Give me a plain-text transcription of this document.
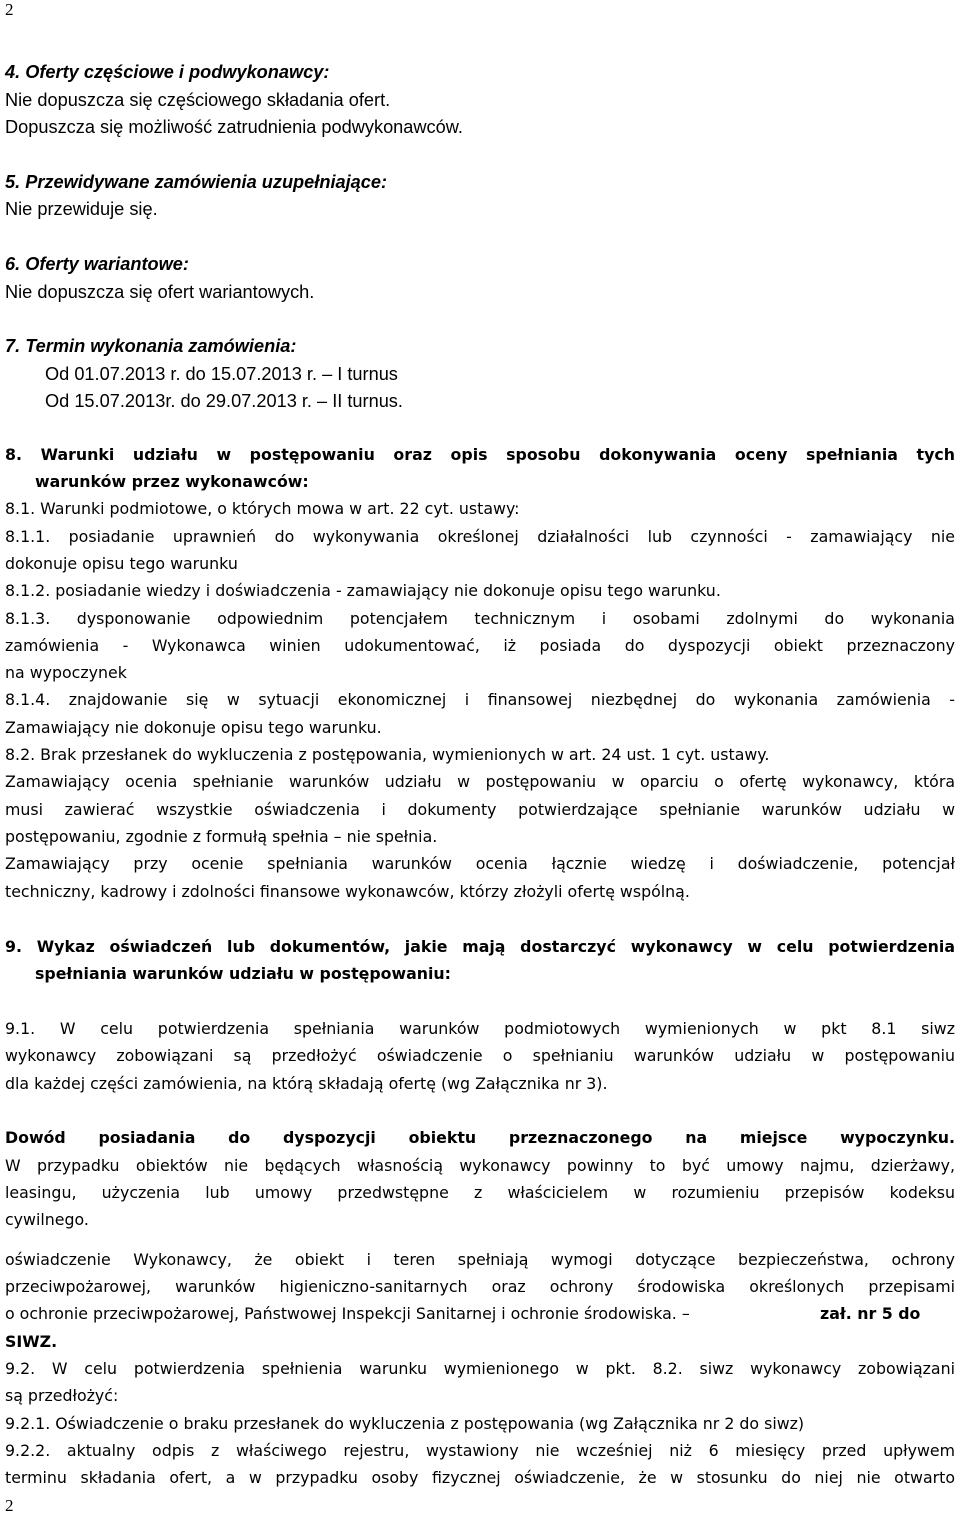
2
4. Oferty częściowe i podwykonawcy:
Nie dopuszcza się częściowego składania ofert.
Dopuszcza się możliwość zatrudnienia podwykonawców.
5. Przewidywane zamówienia uzupełniające:
Nie przewiduje się.
6. Oferty wariantowe:
Nie dopuszcza się ofert wariantowych.
7. Termin wykonania zamówienia:
Od 01.07.2013 r. do 15.07.2013 r. – I turnus
Od 15.07.2013r. do 29.07.2013 r. – II turnus.
8. Warunki udziału w postępowaniu oraz opis sposobu dokonywania oceny spełniania tych
warunków przez wykonawców:
8.1. Warunki podmiotowe, o których mowa w art. 22 cyt. ustawy:
8.1.1. posiadanie uprawnień do wykonywania określonej działalności lub czynności - zamawiający nie
dokonuje opisu tego warunku
8.1.2. posiadanie wiedzy i doświadczenia - zamawiający nie dokonuje opisu tego warunku.
8.1.3. dysponowanie odpowiednim potencjałem technicznym i osobami zdolnymi do wykonania
zamówienia - Wykonawca winien udokumentować, iż posiada do dyspozycji obiekt przeznaczony
na wypoczynek
8.1.4. znajdowanie się w sytuacji ekonomicznej i finansowej niezbędnej do wykonania zamówienia -
Zamawiający nie dokonuje opisu tego warunku.
8.2. Brak przesłanek do wykluczenia z postępowania, wymienionych w art. 24 ust. 1 cyt. ustawy.
Zamawiający ocenia spełnianie warunków udziału w postępowaniu w oparciu o ofertę wykonawcy, która
musi zawierać wszystkie oświadczenia i dokumenty potwierdzające spełnianie warunków udziału w
postępowaniu, zgodnie z formułą spełnia – nie spełnia.
Zamawiający przy ocenie spełniania warunków ocenia łącznie wiedzę i doświadczenie, potencjał
techniczny, kadrowy i zdolności finansowe wykonawców, którzy złożyli ofertę wspólną.
9. Wykaz oświadczeń lub dokumentów, jakie mają dostarczyć wykonawcy w celu potwierdzenia
spełniania warunków udziału w postępowaniu:
9.1. W celu potwierdzenia spełniania warunków podmiotowych wymienionych w pkt 8.1 siwz
wykonawcy zobowiązani są przedłożyć oświadczenie o spełnianiu warunków udziału w postępowaniu
dla każdej części zamówienia, na którą składają ofertę (wg Załącznika nr 3).
Dowód posiadania do dyspozycji obiektu przeznaczonego na miejsce wypoczynku.
W przypadku obiektów nie będących własnością wykonawcy powinny to być umowy najmu, dzierżawy,
leasingu, użyczenia lub umowy przedwstępne z właścicielem w rozumieniu przepisów kodeksu
cywilnego.
oświadczenie Wykonawcy, że obiekt i teren spełniają wymogi dotyczące bezpieczeństwa, ochrony
przeciwpożarowej, warunków higieniczno-sanitarnych oraz ochrony środowiska określonych przepisami
o ochronie przeciwpożarowej, Państwowej Inspekcji Sanitarnej i ochronie środowiska. –	zał. nr 5 do
SIWZ.
9.2. W celu potwierdzenia spełnienia warunku wymienionego w pkt. 8.2. siwz wykonawcy zobowiązani
są przedłożyć:
9.2.1. Oświadczenie o braku przesłanek do wykluczenia z postępowania (wg Załącznika nr 2 do siwz)
9.2.2. aktualny odpis z właściwego rejestru, wystawiony nie wcześniej niż 6 miesięcy przed upływem
terminu składania ofert, a w przypadku osoby fizycznej oświadczenie, że w stosunku do niej nie otwarto
2
